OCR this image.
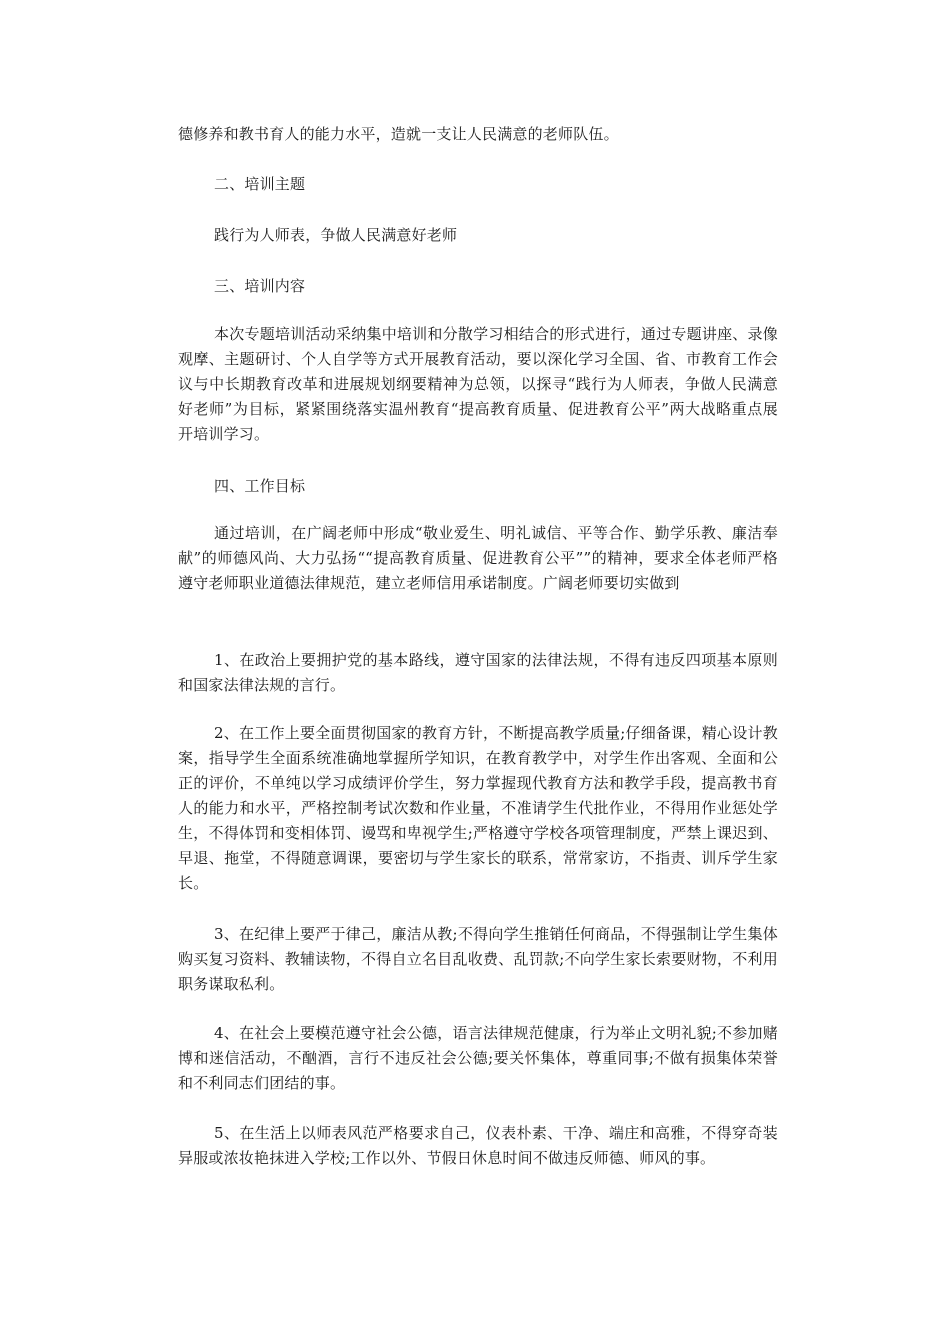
德修养和教书育人的能力水平，造就一支让人民满意的老师队伍。

二、培训主题

践行为人师表，争做人民满意好老师

三、培训内容

本次专题培训活动采纳集中培训和分散学习相结合的形式进行，通过专题讲座、录像观摩、主题研讨、个人自学等方式开展教育活动，要以深化学习全国、省、市教育工作会议与中长期教育改革和进展规划纲要精神为总领，以探寻“践行为人师表，争做人民满意好老师”为目标，紧紧围绕落实温州教育“提高教育质量、促进教育公平”两大战略重点展开培训学习。

四、工作目标

通过培训，在广阔老师中形成“敬业爱生、明礼诚信、平等合作、勤学乐教、廉洁奉献”的师德风尚、大力弘扬““提高教育质量、促进教育公平””的精神，要求全体老师严格遵守老师职业道德法律规范，建立老师信用承诺制度。广阔老师要切实做到

1、在政治上要拥护党的基本路线，遵守国家的法律法规，不得有违反四项基本原则和国家法律法规的言行。

2、在工作上要全面贯彻国家的教育方针，不断提高教学质量;仔细备课，精心设计教案，指导学生全面系统准确地掌握所学知识，在教育教学中，对学生作出客观、全面和公正的评价，不单纯以学习成绩评价学生，努力掌握现代教育方法和教学手段，提高教书育人的能力和水平，严格控制考试次数和作业量，不准请学生代批作业，不得用作业惩处学生，不得体罚和变相体罚、谩骂和卑视学生;严格遵守学校各项管理制度，严禁上课迟到、早退、拖堂，不得随意调课，要密切与学生家长的联系，常常家访，不指责、训斥学生家长。

3、在纪律上要严于律己，廉洁从教;不得向学生推销任何商品，不得强制让学生集体购买复习资料、教辅读物，不得自立名目乱收费、乱罚款;不向学生家长索要财物，不利用职务谋取私利。

4、在社会上要模范遵守社会公德，语言法律规范健康，行为举止文明礼貌;不参加赌博和迷信活动，不酗酒，言行不违反社会公德;要关怀集体，尊重同事;不做有损集体荣誉和不利同志们团结的事。

5、在生活上以师表风范严格要求自己，仪表朴素、干净、端庄和高雅，不得穿奇装异服或浓妆艳抹进入学校;工作以外、节假日休息时间不做违反师德、师风的事。
